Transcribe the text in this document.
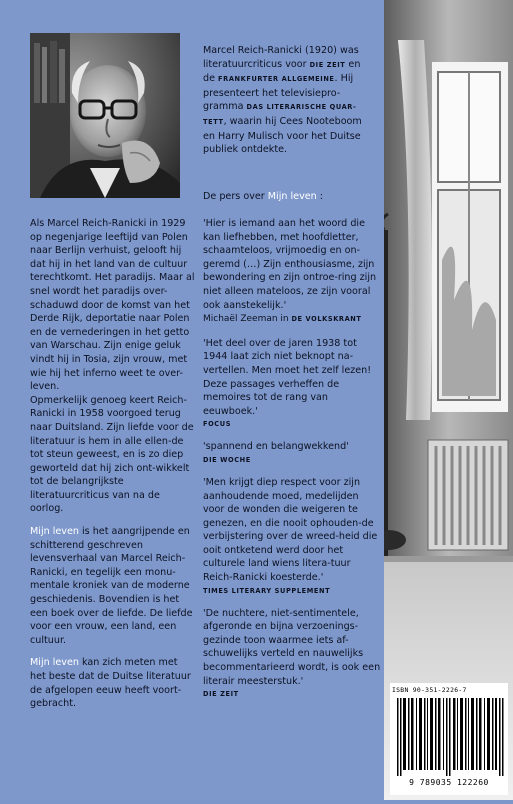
Marcel Reich-Ranicki (1920) was
literatuurcriticus voor DIE ZEIT en
de FRANKFURTER ALLGEMEINE. Hij
presenteert het televisiepro-
gramma DAS LITERARISCHE QUAR-
TETT, waarin hij Cees Nooteboom
en Harry Mulisch voor het Duitse
publiek ontdekte.
De pers over Mijn leven :

Als Marcel Reich-Ranicki in 1929 op negenjarige leeftijd van Polen naar Berlijn verhuist, gelooft hij dat hij in het land van de cultuur terechtkomt. Het paradijs. Maar al snel wordt het paradijs over-schaduwd door de komst van het Derde Rijk, deportatie naar Polen en de vernederingen in het getto van Warschau. Zijn enige geluk vindt hij in Tosia, zijn vrouw, met wie hij het inferno weet te over-leven.

Opmerkelijk genoeg keert Reich-Ranicki in 1958 voorgoed terug naar Duitsland. Zijn liefde voor de literatuur is hem in alle ellen-de tot steun geweest, en is zo diep geworteld dat hij zich ont-wikkelt tot de belangrijkste literatuurcriticus van na de oorlog.

Mijn leven is het aangrijpende en schitterend geschreven levensverhaal van Marcel Reich-Ranicki, en tegelijk een monu-mentale kroniek van de moderne geschiedenis. Bovendien is het een boek over de liefde. De liefde voor een vrouw, een land, een cultuur.

Mijn leven kan zich meten met het beste dat de Duitse literatuur de afgelopen eeuw heeft voort-gebracht.

'Hier is iemand aan het woord die kan liefhebben, met hoofdletter, schaamteloos, vrijmoedig en on-geremd (…) Zijn enthousiasme, zijn bewondering en zijn ontroe-ring zijn niet alleen mateloos, ze zijn vooral ook aanstekelijk.'
Michaël Zeeman in DE VOLKSKRANT
'Het deel over de jaren 1938 tot 1944 laat zich niet beknopt na-vertellen. Men moet het zelf lezen! Deze passages verheffen de memoires tot de rang van eeuwboek.'
FOCUS
'spannend en belangwekkend'
DIE WOCHE
'Men krijgt diep respect voor zijn aanhoudende moed, medelijden voor de wonden die weigeren te genezen, en die nooit ophouden-de verbijstering over de wreed-heid die ooit ontketend werd door het culturele land wiens litera-tuur Reich-Ranicki koesterde.'
TIMES LITERARY SUPPLEMENT
'De nuchtere, niet-sentimentele, afgeronde en bijna verzoenings-gezinde toon waarmee iets af-schuwelijks verteld en nauwelijks becommentarieerd wordt, is ook een literair meesterstuk.'
DIE ZEIT
ISBN 90-351-2226-7
9 789035 122260
